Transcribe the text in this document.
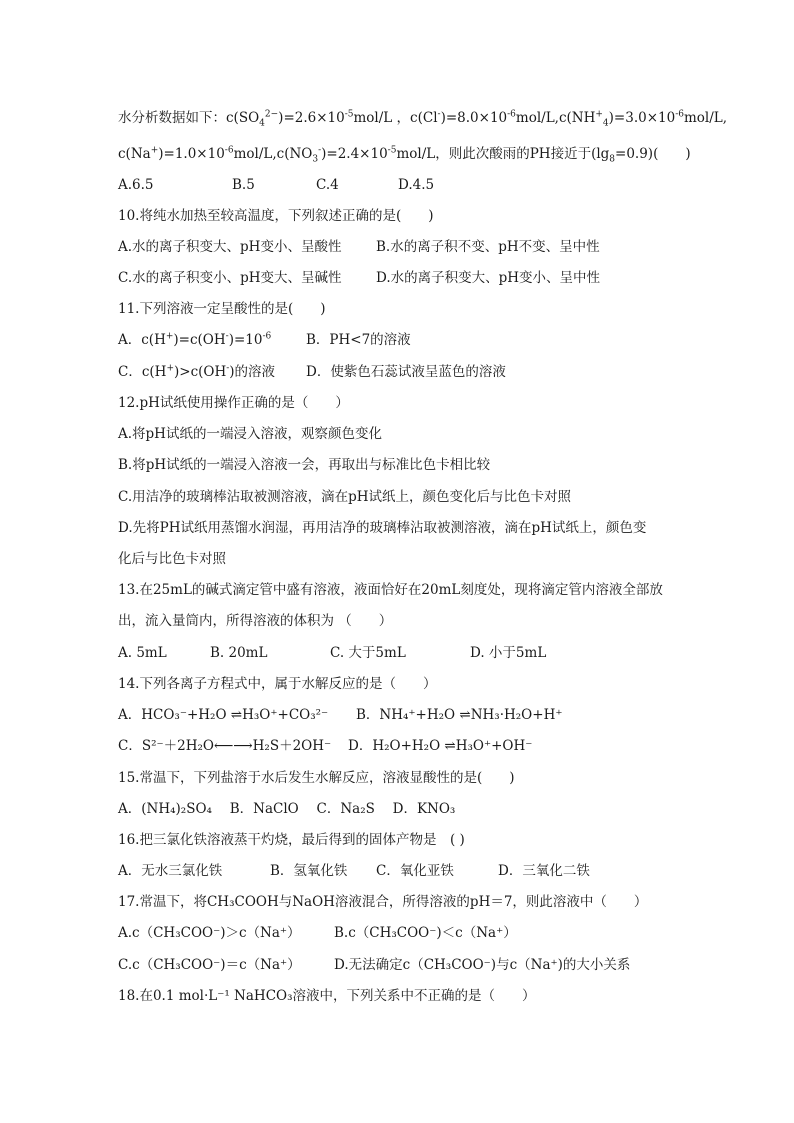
水分析数据如下：$c(SO_4^{2-})=2.6\times 10^{-5}mol/L$ ，$c(Cl^-)=8.0\times 10^{-6}mol/L,c(NH^+_4)=3.0\times 10^{-6}mol/L$,
$c(Na^+)=1.0\times 10^{-6}mol/L,c(NO_3^-)=2.4\times 10^{-5}mol/L$，则此次酸雨的PH接近于$(\lg_8=0.9)$(　　)
A.6.5	B.5	C.4	D.4.5
10.将纯水加热至较高温度，下列叙述正确的是(　　)
A.水的离子积变大、pH变小、呈酸性	B.水的离子积不变、pH不变、呈中性
C.水的离子积变小、pH变大、呈碱性	D.水的离子积变大、pH变小、呈中性
11.下列溶液一定呈酸性的是(　　)
A．$c(H^+)=c(OH^-)=10^{-6}$	B．PH<7的溶液
C．c(H+)>c(OH-)的溶液 D．使紫色石蕊试液呈蓝色的溶液
12.pH试纸使用操作正确的是（　　）
A.将pH试纸的一端浸入溶液，观察颜色变化
B.将pH试纸的一端浸入溶液一会，再取出与标准比色卡相比较
C.用洁净的玻璃棒沾取被测溶液，滴在pH试纸上，颜色变化后与比色卡对照
D.先将PH试纸用蒸馏水润湿，再用洁净的玻璃棒沾取被测溶液，滴在pH试纸上，颜色变
化后与比色卡对照
13.在25mL的碱式滴定管中盛有溶液，液面恰好在20mL刻度处，现将滴定管内溶液全部放
出，流入量筒内，所得溶液的体积为 （　　）
A. 5mL	B. 20mL	C. 大于5mL	D. 小于5mL
14.下列各离子方程式中，属于水解反应的是（　　）
A．HCO₃⁻+H₂O ⇌H₃O⁺+CO₃²⁻ B．NH₄⁺+H₂O ⇌NH₃·H₂O+H⁺
C．S²⁻＋2H₂O⟵⟶H₂S＋2OH⁻ D．H₂O+H₂O ⇌H₃O⁺+OH⁻
15.常温下，下列盐溶于水后发生水解反应，溶液显酸性的是(　　)
A．(NH₄)₂SO₄　 B．NaClO　 C．Na₂S　 D．KNO₃
16.把三氯化铁溶液蒸干灼烧，最后得到的固体产物是　( )
A．无水三氯化铁	B．氢氧化铁 C．氧化亚铁	D．三氧化二铁
17.常温下，将CH₃COOH与NaOH溶液混合，所得溶液的pH＝7，则此溶液中（　　）
A.c（CH₃COO⁻)＞c（Na⁺） B.c（CH₃COO⁻)＜c（Na⁺）
C.c（CH₃COO⁻)＝c（Na⁺） D.无法确定c（CH₃COO⁻)与c（Na⁺)的大小关系
18.在0.1 mol·L⁻¹ NaHCO₃溶液中，下列关系中不正确的是（　　）
